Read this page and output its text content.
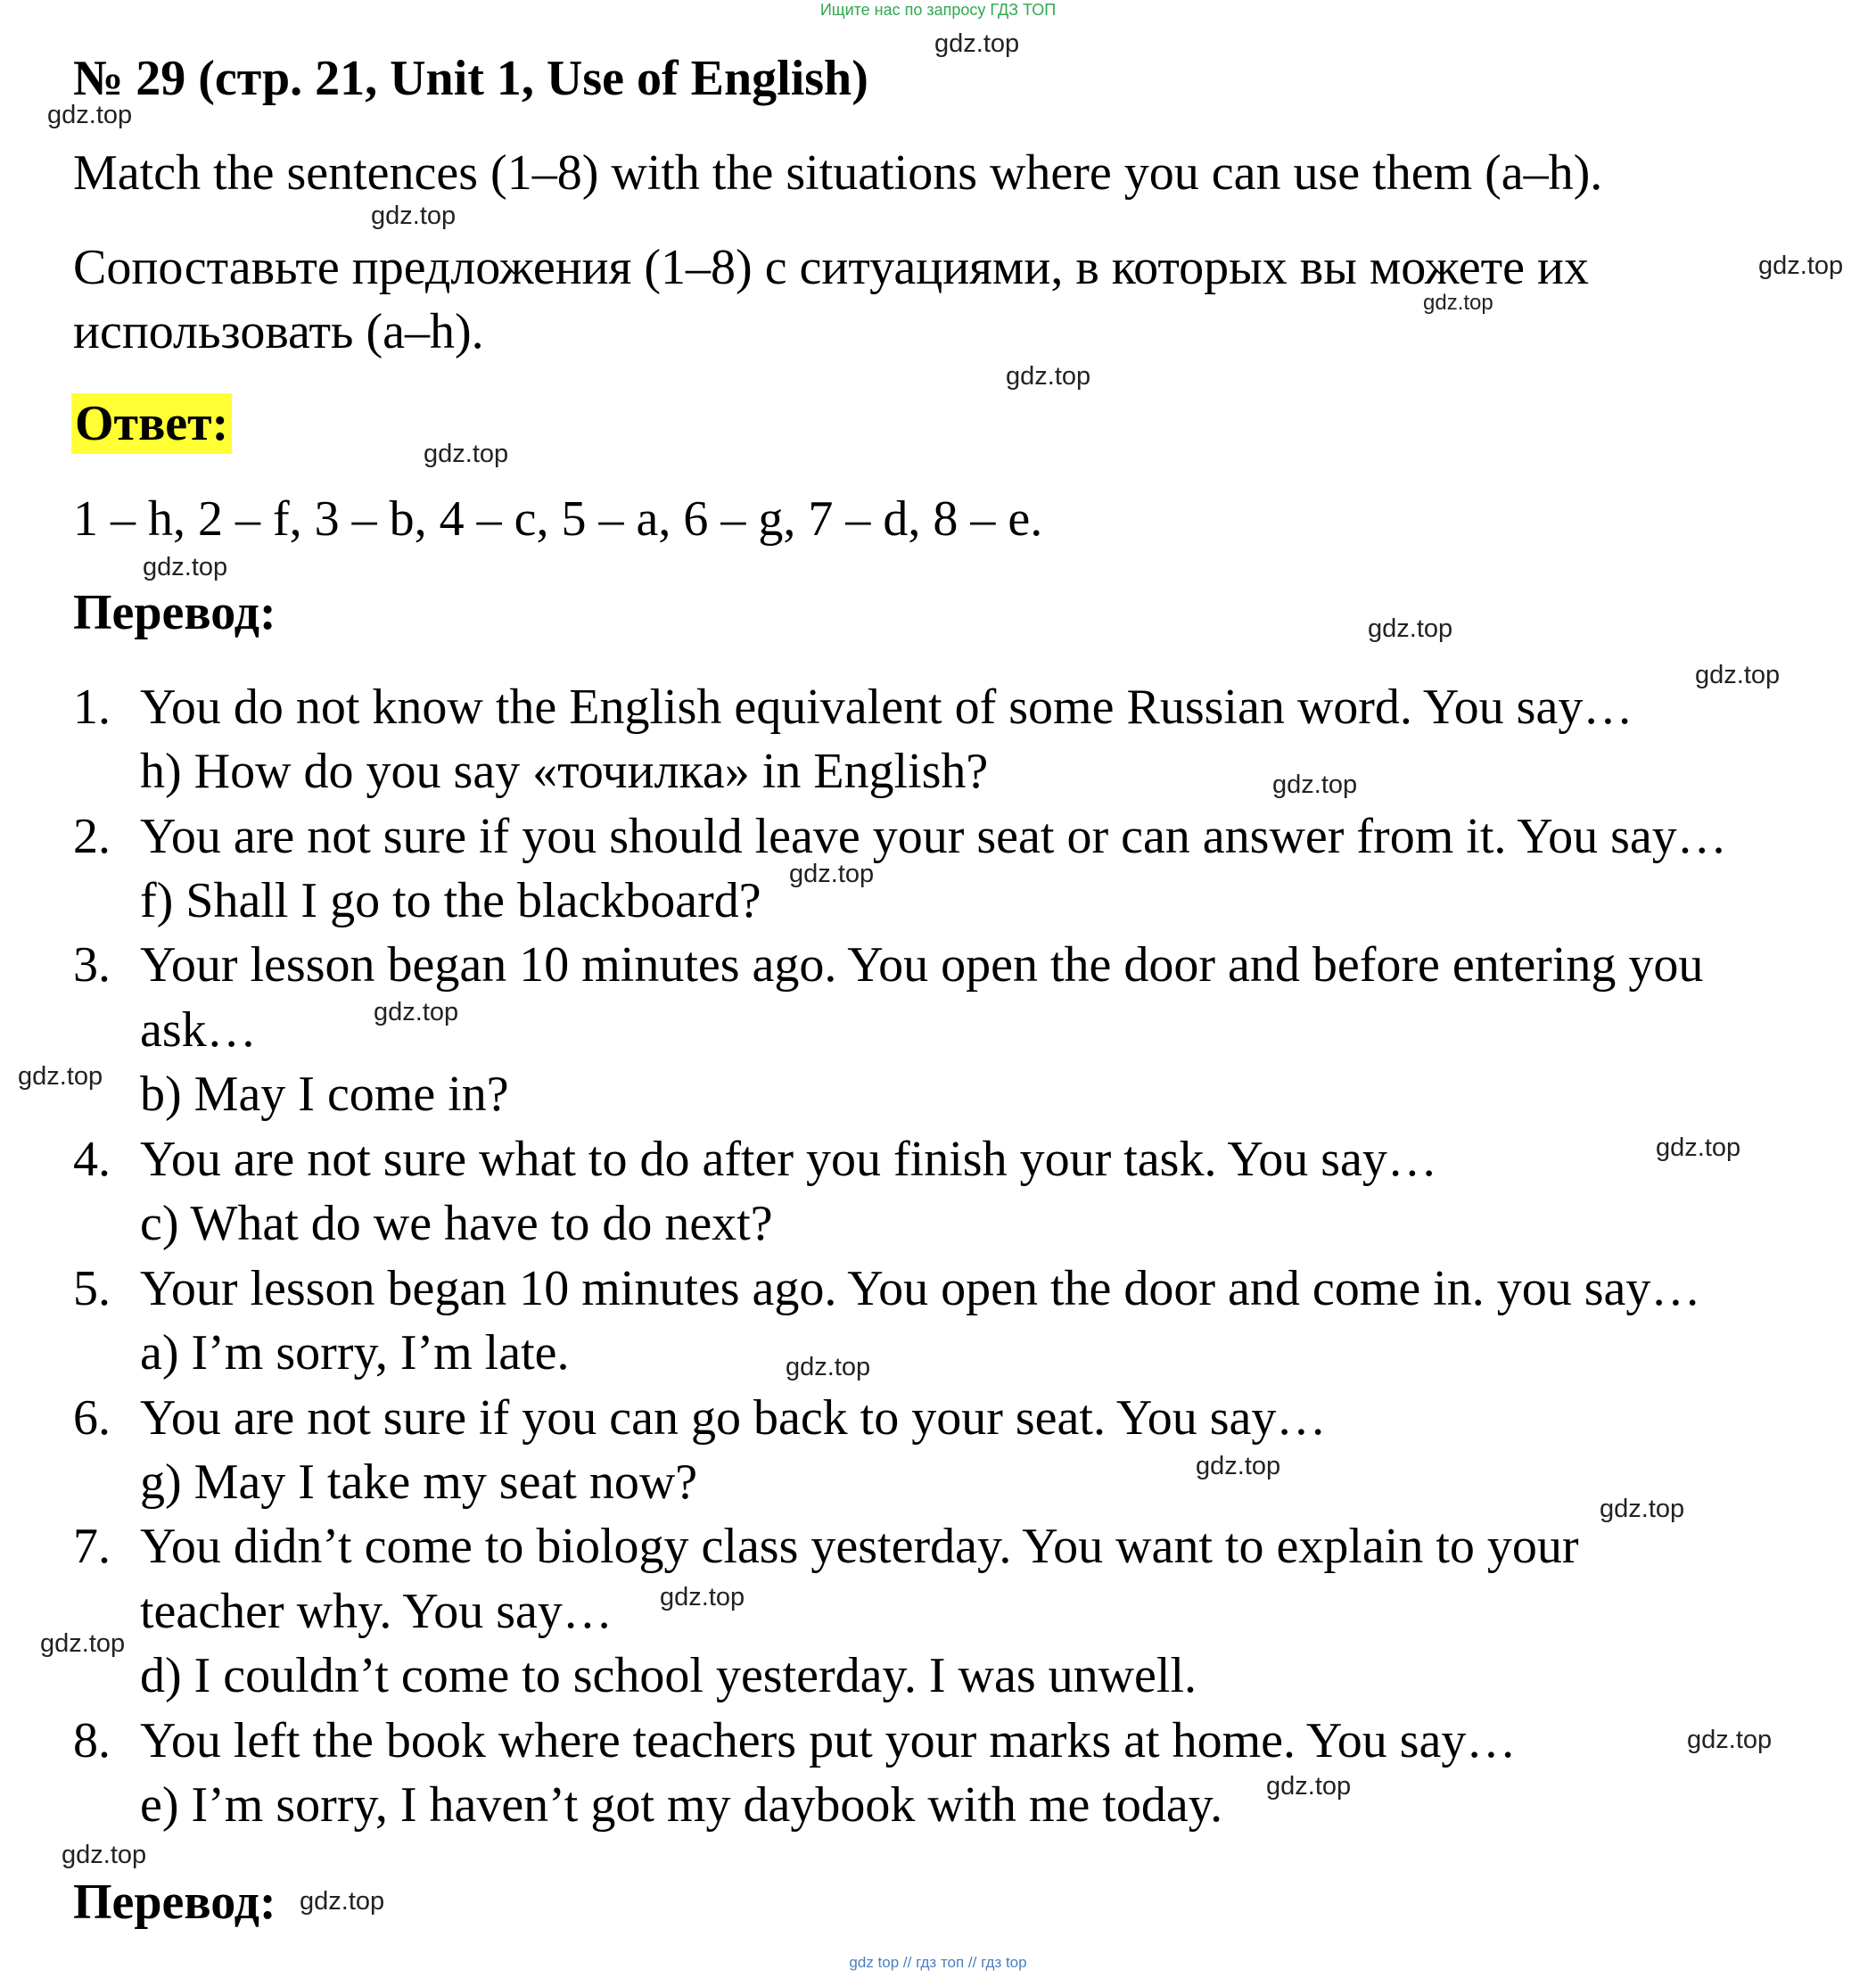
Ищите нас по запросу ГДЗ ТОП
№ 29 (стр. 21, Unit 1, Use of English)
Match the sentences (1–8) with the situations where you can use them (a–h).
Сопоставьте предложения (1–8) с ситуациями, в которых вы можете их
использовать (a–h).
Ответ:
1 – h, 2 – f, 3 – b, 4 – c, 5 – a, 6 – g, 7 – d, 8 – e.
Перевод:
1. You do not know the English equivalent of some Russian word. You say…
h) How do you say «точилка» in English?
2. You are not sure if you should leave your seat or can answer from it. You say…
f) Shall I go to the blackboard?
3. Your lesson began 10 minutes ago. You open the door and before entering you
ask…
b) May I come in?
4. You are not sure what to do after you finish your task. You say…
c) What do we have to do next?
5. Your lesson began 10 minutes ago. You open the door and come in. you say…
a) I’m sorry, I’m late.
6. You are not sure if you can go back to your seat. You say…
g) May I take my seat now?
7. You didn’t come to biology class yesterday. You want to explain to your
teacher why. You say…
d) I couldn’t come to school yesterday. I was unwell.
8. You left the book where teachers put your marks at home. You say…
e) I’m sorry, I haven’t got my daybook with me today.
Перевод:
gdz.top
gdz.top
gdz.top
gdz.top
gdz.top
gdz.top
gdz.top
gdz.top
gdz.top
gdz.top
gdz.top
gdz.top
gdz.top
gdz.top
gdz.top
gdz.top
gdz.top
gdz.top
gdz.top
gdz.top
gdz.top
gdz.top
gdz.top
gdz.top
gdz top // гдз топ // гдз top
